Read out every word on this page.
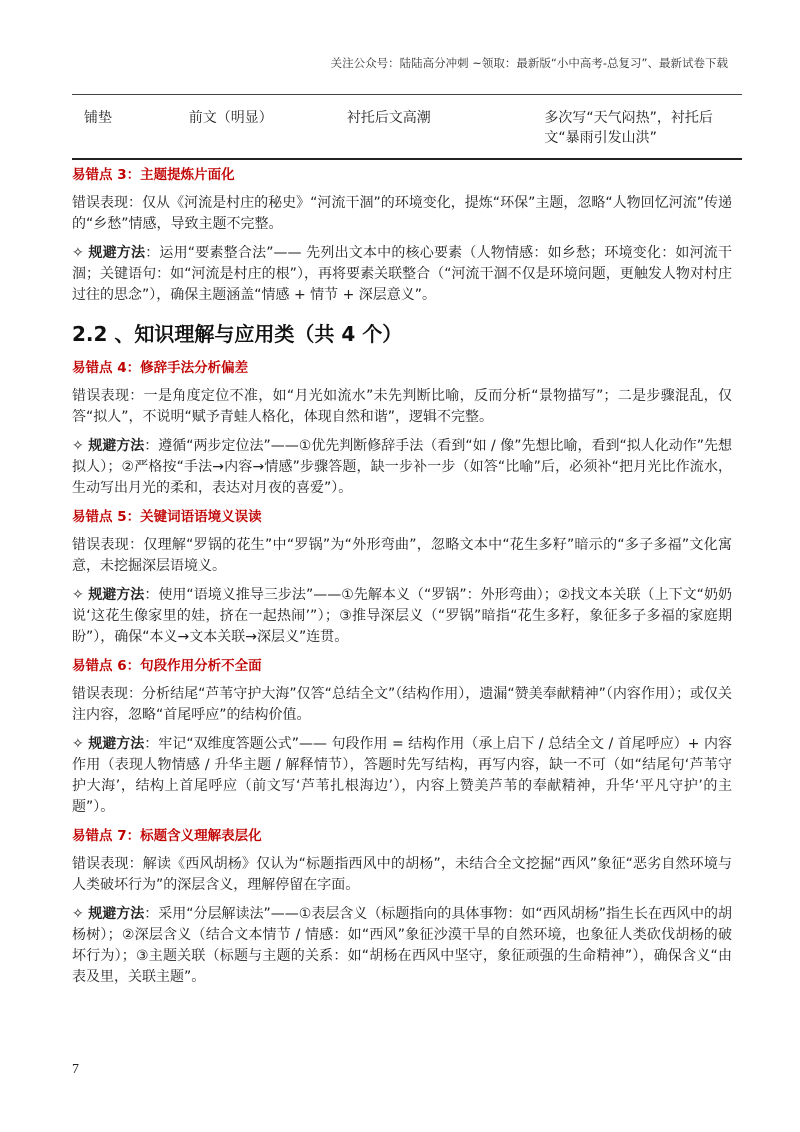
关注公众号：陆陆高分冲刺 ~领取：最新版“小中高考-总复习”、最新试卷下载
铺垫	前文（明显）	衬托后文高潮	多次写“天气闷热”，衬托后文“暴雨引发山洪”
易错点 3：主题提炼片面化
错误表现：仅从《河流是村庄的秘史》“河流干涸”的环境变化，提炼“环保”主题，忽略“人物回忆河流”传递的“乡愁”情感，导致主题不完整。
✧ 规避方法：运用“要素整合法”—— 先列出文本中的核心要素（人物情感：如乡愁；环境变化：如河流干涸；关键语句：如“河流是村庄的根”），再将要素关联整合（“河流干涸不仅是环境问题，更触发人物对村庄过往的思念”），确保主题涵盖“情感 + 情节 + 深层意义”。
2.2 、知识理解与应用类（共 4 个）
易错点 4：修辞手法分析偏差
错误表现：一是角度定位不准，如“月光如流水”未先判断比喻，反而分析“景物描写”；二是步骤混乱，仅答“拟人”，不说明“赋予青蛙人格化，体现自然和谐”，逻辑不完整。
✧ 规避方法：遵循“两步定位法”——①优先判断修辞手法（看到“如 / 像”先想比喻，看到“拟人化动作”先想拟人）；②严格按“手法→内容→情感”步骤答题，缺一步补一步（如答“比喻”后，必须补“把月光比作流水，生动写出月光的柔和，表达对月夜的喜爱”）。
易错点 5：关键词语语境义误读
错误表现：仅理解“罗锅的花生”中“罗锅”为“外形弯曲”，忽略文本中“花生多籽”暗示的“多子多福”文化寓意，未挖掘深层语境义。
✧ 规避方法：使用“语境义推导三步法”——①先解本义（“罗锅”：外形弯曲）；②找文本关联（上下文“奶奶说‘这花生像家里的娃，挤在一起热闹’”）；③推导深层义（“罗锅”暗指“花生多籽，象征多子多福的家庭期盼”），确保“本义→文本关联→深层义”连贯。
易错点 6：句段作用分析不全面
错误表现：分析结尾“芦苇守护大海”仅答“总结全文”（结构作用），遗漏“赞美奉献精神”（内容作用）；或仅关注内容，忽略“首尾呼应”的结构价值。
✧ 规避方法：牢记“双维度答题公式”—— 句段作用 = 结构作用（承上启下 / 总结全文 / 首尾呼应）+ 内容作用（表现人物情感 / 升华主题 / 解释情节），答题时先写结构，再写内容，缺一不可（如“结尾句‘芦苇守护大海’，结构上首尾呼应（前文写‘芦苇扎根海边’），内容上赞美芦苇的奉献精神，升华‘平凡守护’的主题”）。
易错点 7：标题含义理解表层化
错误表现：解读《西风胡杨》仅认为“标题指西风中的胡杨”，未结合全文挖掘“西风”象征“恶劣自然环境与人类破坏行为”的深层含义，理解停留在字面。
✧ 规避方法：采用“分层解读法”——①表层含义（标题指向的具体事物：如“西风胡杨”指生长在西风中的胡杨树）；②深层含义（结合文本情节 / 情感：如“西风”象征沙漠干旱的自然环境，也象征人类砍伐胡杨的破坏行为）；③主题关联（标题与主题的关系：如“胡杨在西风中坚守，象征顽强的生命精神”），确保含义“由表及里，关联主题”。
7
